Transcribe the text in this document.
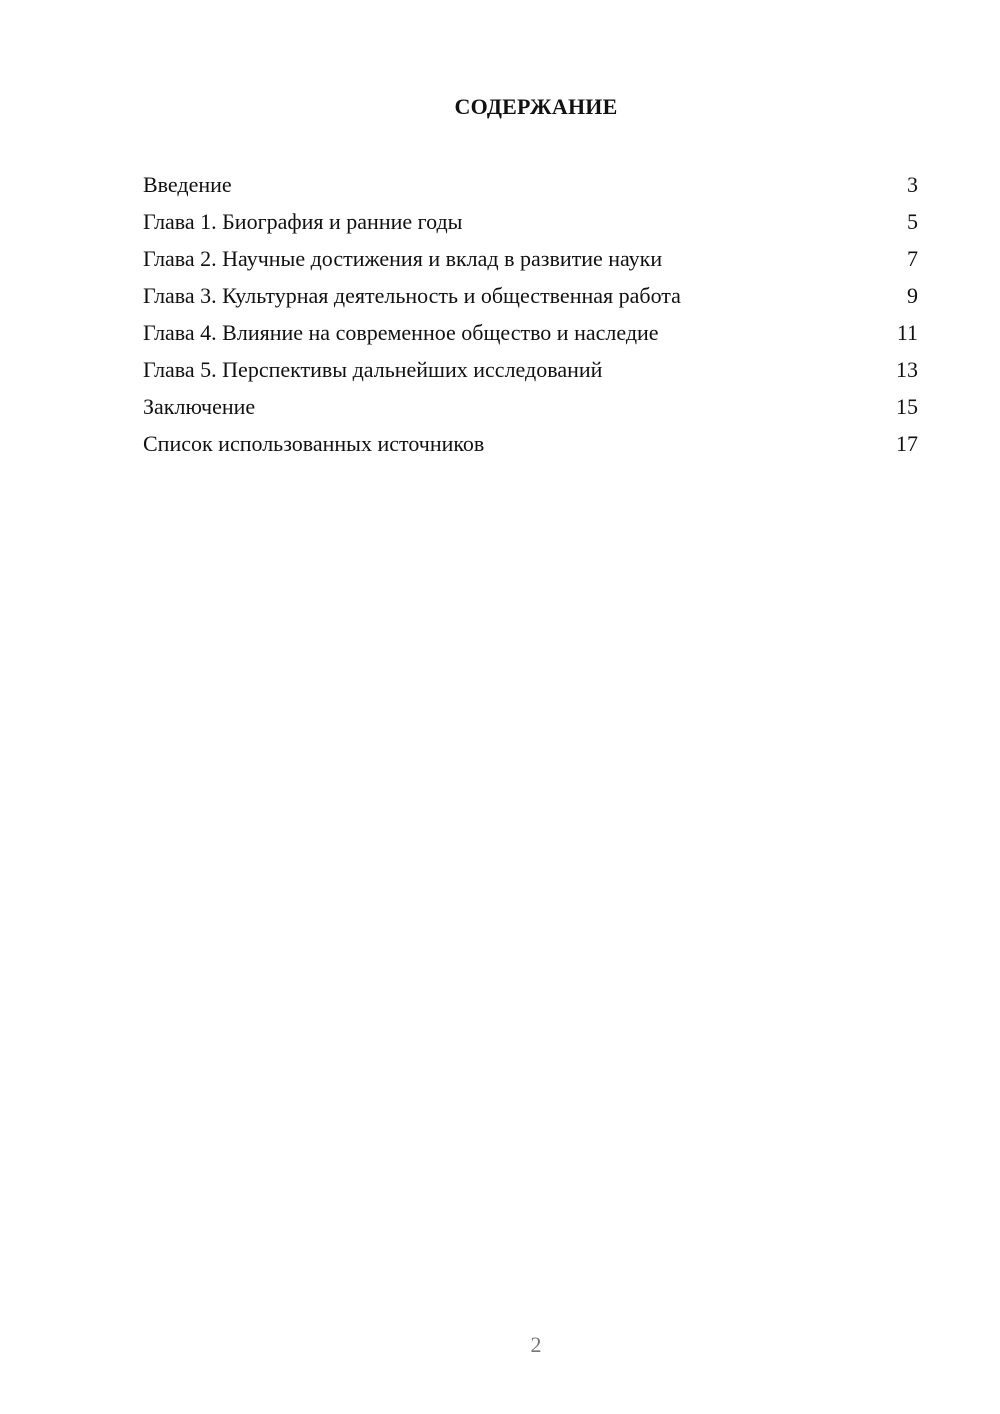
СОДЕРЖАНИЕ
Введение	3
Глава 1. Биография и ранние годы	5
Глава 2. Научные достижения и вклад в развитие науки	7
Глава 3. Культурная деятельность и общественная работа	9
Глава 4. Влияние на современное общество и наследие	11
Глава 5. Перспективы дальнейших исследований	13
Заключение	15
Список использованных источников	17
2
